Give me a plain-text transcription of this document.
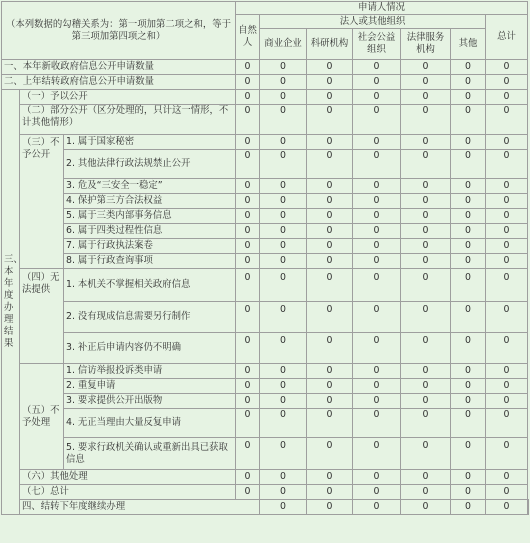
（本列数据的勾稽关系为：第一项加第二项之和，等于第三项加第四项之和）			申请人情况							
			自然人	法人或其他组织					总计	
				商业企业	科研机构	社会公益组织	法律服务机构	其他		
一、本年新收政府信息公开申请数量			0	0	0	0	0	0	0	
二、上年结转政府信息公开申请数量			0	0	0	0	0	0	0	
三、本年度办理结果	（一）予以公开		0	0	0	0	0	0	0	
	（二）部分公开（区分处理的，只计这一情形，不计其他情形）		0	0	0	0	0	0	0	
	（三）不予公开	1. 属于国家秘密	0	0	0	0	0	0	0	
		2. 其他法律行政法规禁止公开	0	0	0	0	0	0	0	
		3. 危及“三安全一稳定”	0	0	0	0	0	0	0	
		4. 保护第三方合法权益	0	0	0	0	0	0	0	
		5. 属于三类内部事务信息	0	0	0	0	0	0	0	
		6. 属于四类过程性信息	0	0	0	0	0	0	0	
		7. 属于行政执法案卷	0	0	0	0	0	0	0	
		8. 属于行政查询事项	0	0	0	0	0	0	0	
	（四）无法提供	1. 本机关不掌握相关政府信息	0	0	0	0	0	0	0	
		2. 没有现成信息需要另行制作	0	0	0	0	0	0	0	
		3. 补正后申请内容仍不明确	0	0	0	0	0	0	0	
	（五）不予处理	1. 信访举报投诉类申请	0	0	0	0	0	0	0	
		2. 重复申请	0	0	0	0	0	0	0	
		3. 要求提供公开出版物	0	0	0	0	0	0	0	
		4. 无正当理由大量反复申请	0	0	0	0	0	0	0	
		5. 要求行政机关确认或重新出具已获取 信息	0	0	0	0	0	0	0	
	（六）其他处理		0	0	0	0	0	0	0	
	（七）总计		0	0	0	0	0	0	0	
	四、结转下年度继续办理			0	0	0	0	0	0	
